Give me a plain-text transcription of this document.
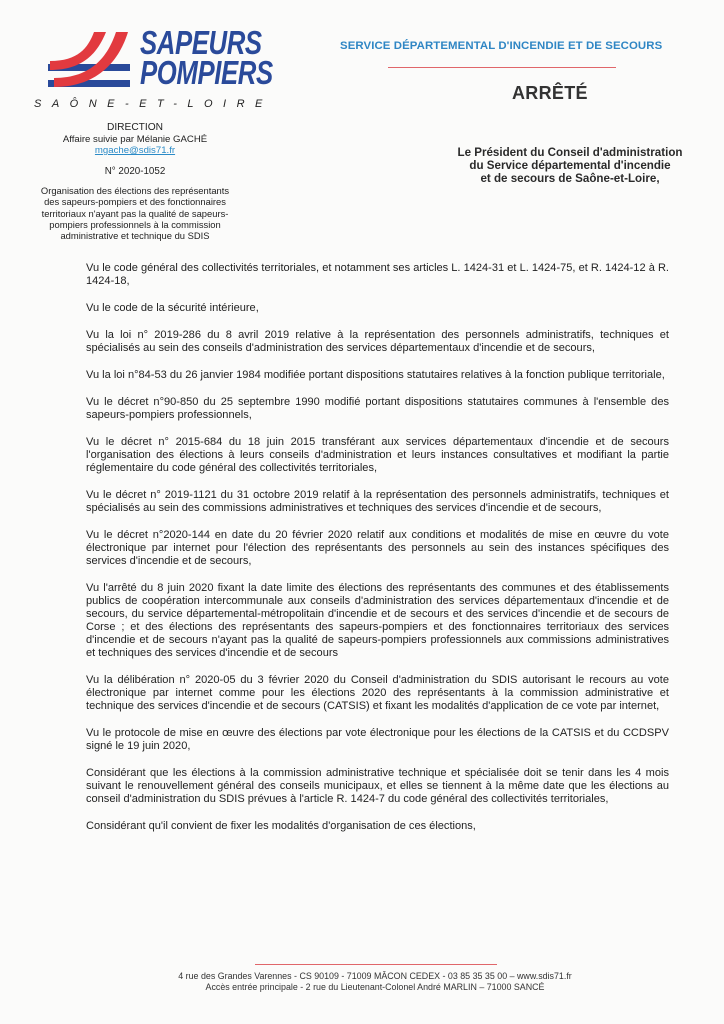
SAPEURS
POMPIERS
SAÔNE-ET-LOIRE
DIRECTION
Affaire suivie par Mélanie GACHÉ
mgache@sdis71.fr
N° 2020-1052
Organisation des élections des représentants des sapeurs-pompiers et des fonctionnaires territoriaux n'ayant pas la qualité de sapeurs-pompiers professionnels à la commission administrative et technique du SDIS
SERVICE DÉPARTEMENTAL D'INCENDIE ET DE SECOURS
ARRÊTÉ
Le Président du Conseil d'administration
du Service départemental d'incendie
et de secours de Saône-et-Loire,

Vu le code général des collectivités territoriales, et notamment ses articles L. 1424-31 et L. 1424-75, et R. 1424-12 à R. 1424-18,

Vu le code de la sécurité intérieure,

Vu la loi n° 2019-286 du 8 avril 2019 relative à la représentation des personnels administratifs, techniques et spécialisés au sein des conseils d'administration des services départementaux d'incendie et de secours,

Vu la loi n°84-53 du 26 janvier 1984 modifiée portant dispositions statutaires relatives à la fonction publique territoriale,

Vu le décret n°90-850 du 25 septembre 1990 modifié portant dispositions statutaires communes à l'ensemble des sapeurs-pompiers professionnels,

Vu le décret n° 2015-684 du 18 juin 2015 transférant aux services départementaux d'incendie et de secours l'organisation des élections à leurs conseils d'administration et leurs instances consultatives et modifiant la partie réglementaire du code général des collectivités territoriales,

Vu le décret n° 2019-1121 du 31 octobre 2019 relatif à la représentation des personnels administratifs, techniques et spécialisés au sein des commissions administratives et techniques des services d'incendie et de secours,

Vu le décret n°2020-144 en date du 20 février 2020 relatif aux conditions et modalités de mise en œuvre du vote électronique par internet pour l'élection des représentants des personnels au sein des instances spécifiques des services d'incendie et de secours,

Vu l'arrêté du 8 juin 2020 fixant la date limite des élections des représentants des communes et des établissements publics de coopération intercommunale aux conseils d'administration des services départementaux d'incendie et de secours, du service départemental-métropolitain d'incendie et de secours et des services d'incendie et de secours de Corse ; et des élections des représentants des sapeurs-pompiers et des fonctionnaires territoriaux des services d'incendie et de secours n'ayant pas la qualité de sapeurs-pompiers professionnels aux commissions administratives et techniques des services d'incendie et de secours

Vu la délibération n° 2020-05 du 3 février 2020 du Conseil d'administration du SDIS autorisant le recours au vote électronique par internet comme pour les élections 2020 des représentants à la commission administrative et technique des services d'incendie et de secours (CATSIS) et fixant les modalités d'application de ce vote par internet,

Vu le protocole de mise en œuvre des élections par vote électronique pour les élections de la CATSIS et du CCDSPV signé le 19 juin 2020,

Considérant que les élections à la commission administrative technique et spécialisée doit se tenir dans les 4 mois suivant le renouvellement général des conseils municipaux, et elles se tiennent à la même date que les élections au conseil d'administration du SDIS prévues à l'article R. 1424-7 du code général des collectivités territoriales,

Considérant qu'il convient de fixer les modalités d'organisation de ces élections,

4 rue des Grandes Varennes - CS 90109 - 71009 MÂCON CEDEX - 03 85 35 35 00 – www.sdis71.fr
Accès entrée principale - 2 rue du Lieutenant-Colonel André MARLIN – 71000 SANCÉ
